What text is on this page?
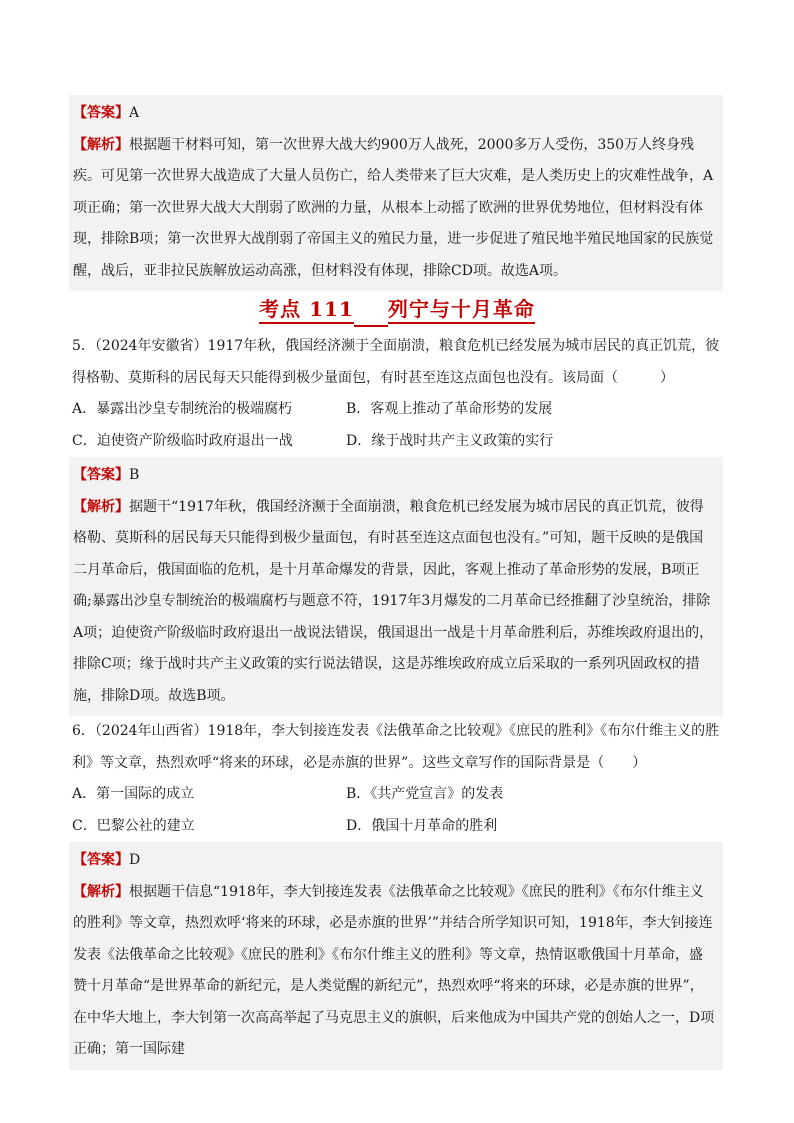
【答案】A
【解析】根据题干材料可知，第一次世界大战大约900万人战死，2000多万人受伤，350万人终身残疾。可见第一次世界大战造成了大量人员伤亡，给人类带来了巨大灾难，是人类历史上的灾难性战争，A项正确；第一次世界大战大大削弱了欧洲的力量，从根本上动摇了欧洲的世界优势地位，但材料没有体现，排除B项；第一次世界大战削弱了帝国主义的殖民力量，进一步促进了殖民地半殖民地国家的民族觉醒，战后，亚非拉民族解放运动高涨，但材料没有体现，排除CD项。故选A项。
考点 111 列宁与十月革命
5．（2024年安徽省）1917年秋，俄国经济濒于全面崩溃，粮食危机已经发展为城市居民的真正饥荒，彼得格勒、莫斯科的居民每天只能得到极少量面包，有时甚至连这点面包也没有。该局面（　　　）
A．暴露出沙皇专制统治的极端腐朽	B．客观上推动了革命形势的发展
C．迫使资产阶级临时政府退出一战	D．缘于战时共产主义政策的实行
【答案】B
【解析】据题干“1917年秋，俄国经济濒于全面崩溃，粮食危机已经发展为城市居民的真正饥荒，彼得格勒、莫斯科的居民每天只能得到极少量面包，有时甚至连这点面包也没有。”可知，题干反映的是俄国二月革命后，俄国面临的危机，是十月革命爆发的背景，因此，客观上推动了革命形势的发展，B项正确;暴露出沙皇专制统治的极端腐朽与题意不符，1917年3月爆发的二月革命已经推翻了沙皇统治，排除A项；迫使资产阶级临时政府退出一战说法错误，俄国退出一战是十月革命胜利后，苏维埃政府退出的，排除C项；缘于战时共产主义政策的实行说法错误，这是苏维埃政府成立后采取的一系列巩固政权的措施，排除D项。故选B项。
6．（2024年山西省）1918年，李大钊接连发表《法俄革命之比较观》《庶民的胜利》《布尔什维主义的胜利》等文章，热烈欢呼“将来的环球，必是赤旗的世界”。这些文章写作的国际背景是（　　）
A．第一国际的成立	B．《共产党宣言》的发表
C．巴黎公社的建立	D．俄国十月革命的胜利
【答案】D
【解析】根据题干信息“1918年，李大钊接连发表《法俄革命之比较观》《庶民的胜利》《布尔什维主义的胜利》等文章，热烈欢呼‘将来的环球，必是赤旗的世界’”并结合所学知识可知，1918年，李大钊接连发表《法俄革命之比较观》《庶民的胜利》《布尔什维主义的胜利》等文章，热情讴歌俄国十月革命，盛赞十月革命“是世界革命的新纪元，是人类觉醒的新纪元”，热烈欢呼“将来的环球，必是赤旗的世界”，在中华大地上，李大钊第一次高高举起了马克思主义的旗帜，后来他成为中国共产党的创始人之一，D项正确；第一国际建
